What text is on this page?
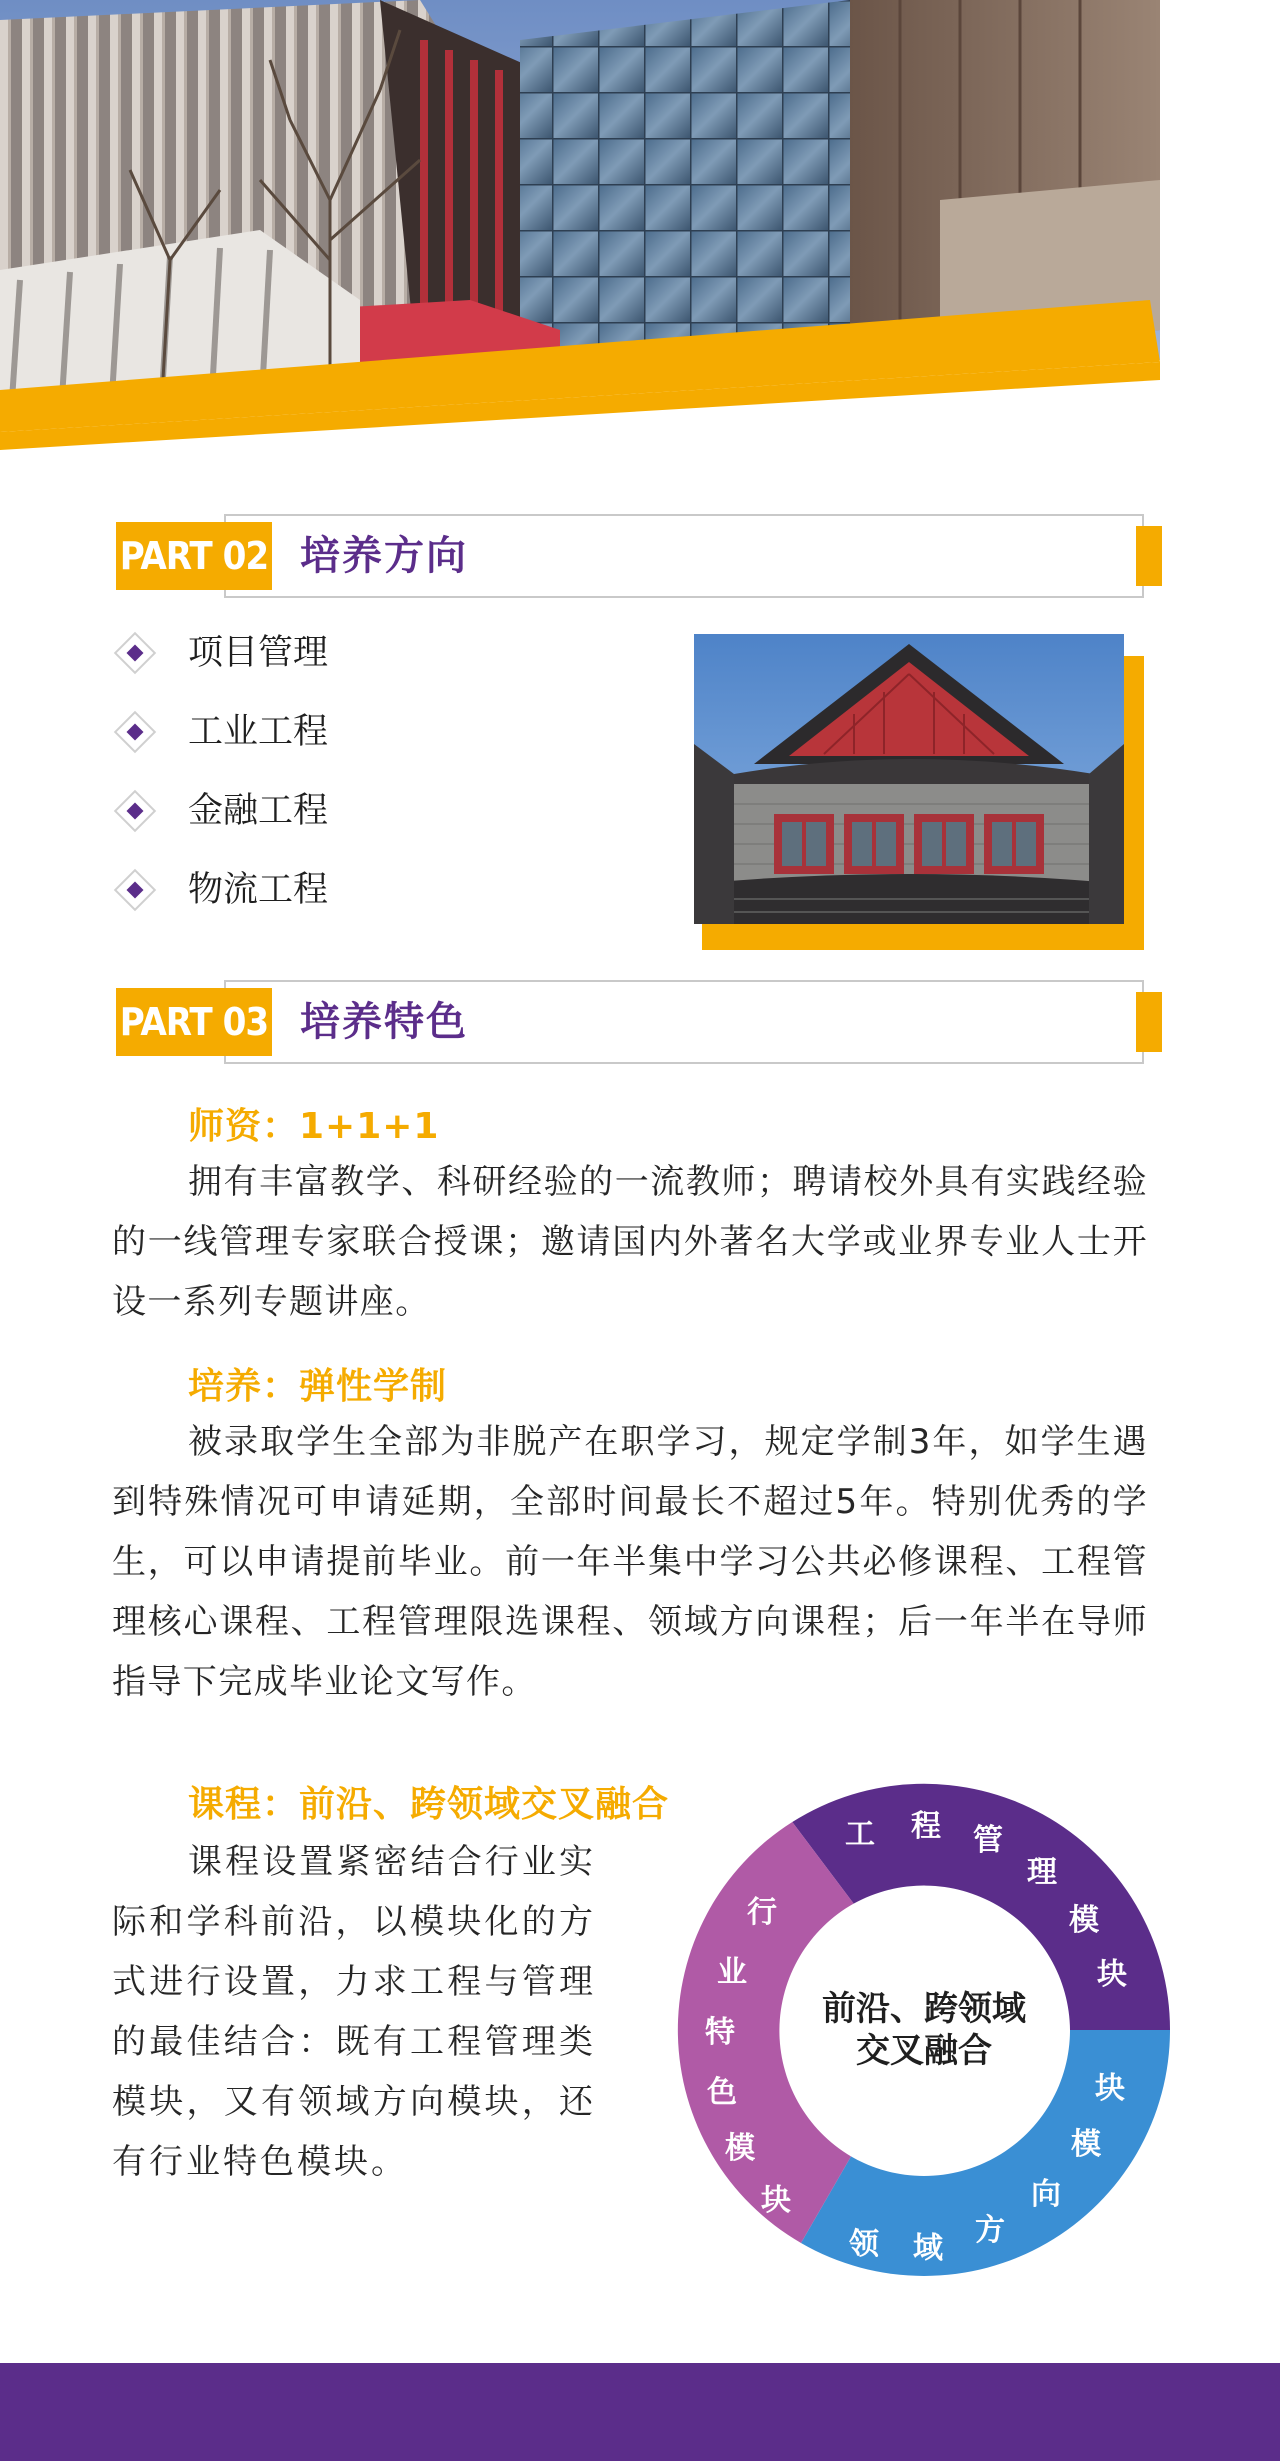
PART 02 培养方向
项目管理
工业工程
金融工程
物流工程
PART 03 培养特色
师资：1+1+1
拥有丰富教学、科研经验的一流教师；聘请校外具有实践经验的一线管理专家联合授课；邀请国内外著名大学或业界专业人士开设一系列专题讲座。
培养：弹性学制
被录取学生全部为非脱产在职学习，规定学制3年，如学生遇到特殊情况可申请延期，全部时间最长不超过5年。特别优秀的学生，可以申请提前毕业。前一年半集中学习公共必修课程、工程管理核心课程、工程管理限选课程、领域方向课程；后一年半在导师指导下完成毕业论文写作。
课程：前沿、跨领域交叉融合
课程设置紧密结合行业实际和学科前沿，以模块化的方式进行设置，力求工程与管理的最佳结合：既有工程管理类模块，又有领域方向模块，还有行业特色模块。
工 程 管
理
模
块
块
模
向
方
域
领
块
模
色
特
业
行
前沿、跨领域
交叉融合
